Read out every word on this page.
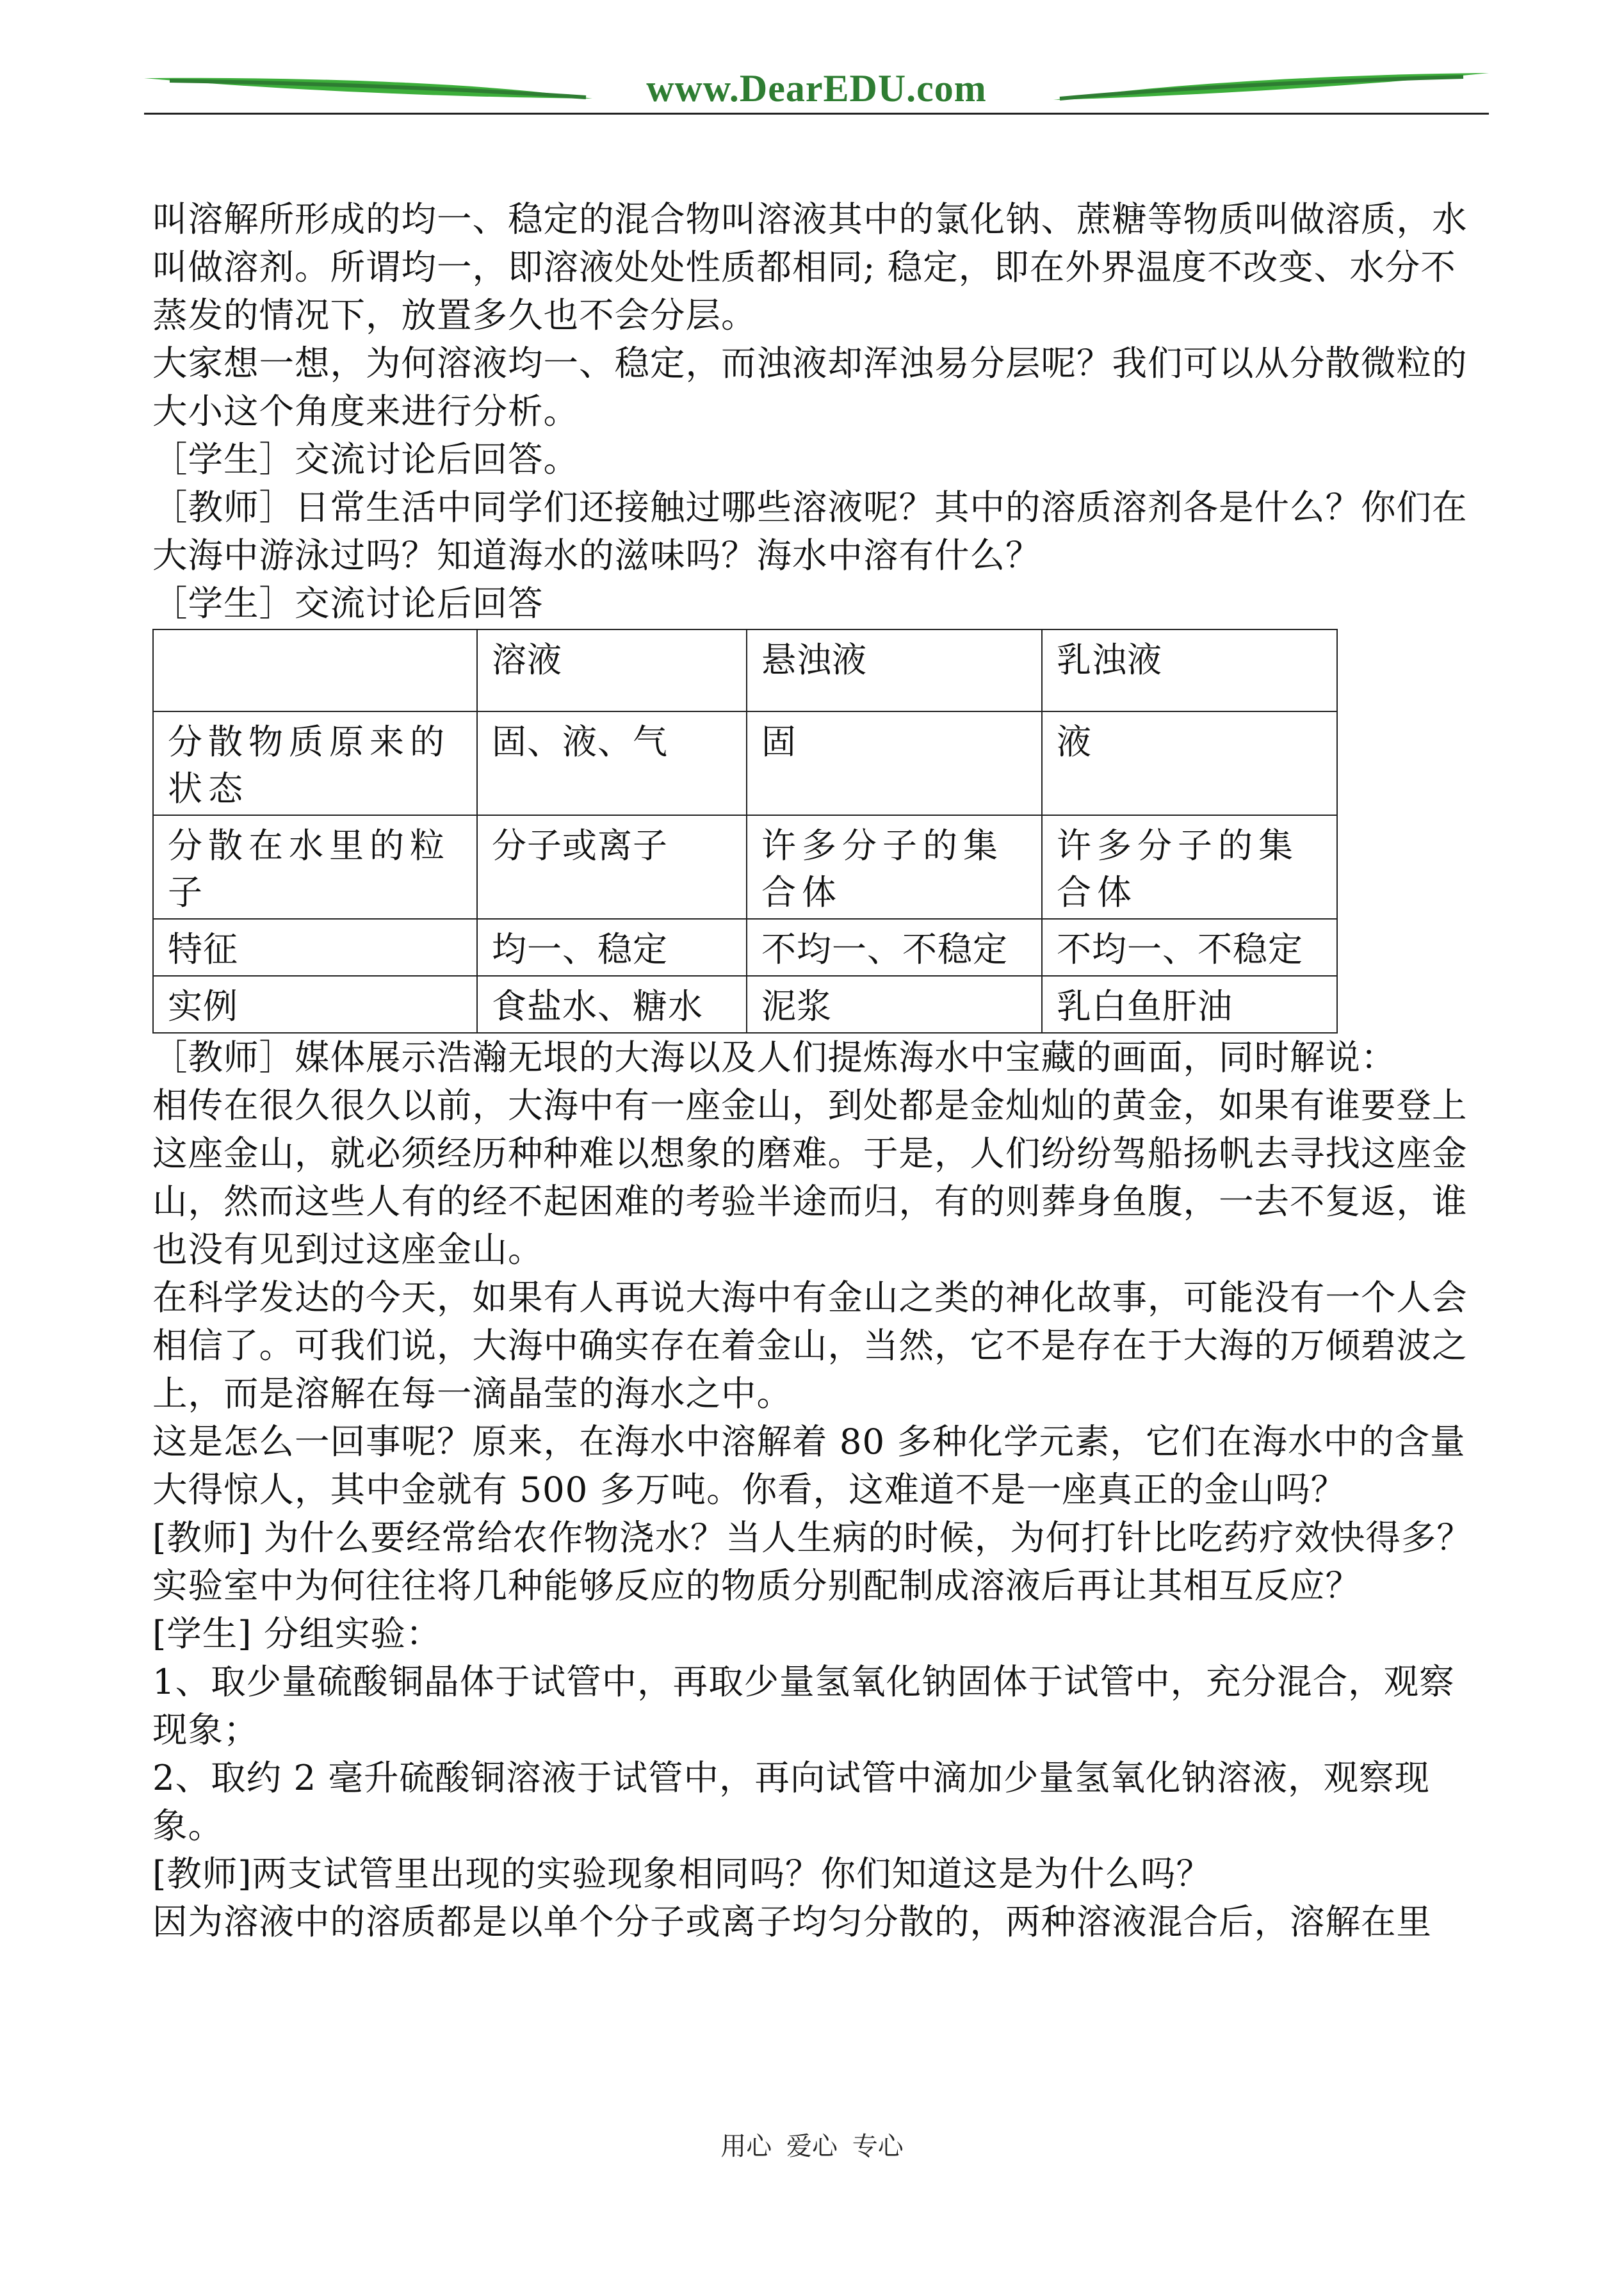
www.DearEDU.com

叫溶解所形成的均一、稳定的混合物叫溶液其中的氯化钠、蔗糖等物质叫做溶质，水叫做溶剂。所谓均一，即溶液处处性质都相同; 稳定，即在外界温度不改变、水分不蒸发的情况下，放置多久也不会分层。

大家想一想，为何溶液均一、稳定，而浊液却浑浊易分层呢？我们可以从分散微粒的大小这个角度来进行分析。

［学生］交流讨论后回答。

［教师］日常生活中同学们还接触过哪些溶液呢？其中的溶质溶剂各是什么？你们在大海中游泳过吗？知道海水的滋味吗？海水中溶有什么？

［学生］交流讨论后回答

	溶液	悬浊液	乳浊液
分散物质原来的状态	固、液、气	固	液
分散在水里的粒子	分子或离子	许多分子的集合体	许多分子的集合体
特征	均一、稳定	不均一、不稳定	不均一、不稳定
实例	食盐水、糖水	泥浆	乳白鱼肝油

［教师］媒体展示浩瀚无垠的大海以及人们提炼海水中宝藏的画面，同时解说：

相传在很久很久以前，大海中有一座金山，到处都是金灿灿的黄金，如果有谁要登上这座金山，就必须经历种种难以想象的磨难。于是，人们纷纷驾船扬帆去寻找这座金山，然而这些人有的经不起困难的考验半途而归，有的则葬身鱼腹，一去不复返，谁也没有见到过这座金山。

在科学发达的今天，如果有人再说大海中有金山之类的神化故事，可能没有一个人会相信了。可我们说，大海中确实存在着金山，当然，它不是存在于大海的万倾碧波之上，而是溶解在每一滴晶莹的海水之中。

这是怎么一回事呢？原来，在海水中溶解着 80 多种化学元素，它们在海水中的含量大得惊人，其中金就有 500 多万吨。你看，这难道不是一座真正的金山吗？

[教师] 为什么要经常给农作物浇水？当人生病的时候，为何打针比吃药疗效快得多？实验室中为何往往将几种能够反应的物质分别配制成溶液后再让其相互反应？

[学生] 分组实验：

1、取少量硫酸铜晶体于试管中，再取少量氢氧化钠固体于试管中，充分混合，观察现象；

2、取约 2 毫升硫酸铜溶液于试管中，再向试管中滴加少量氢氧化钠溶液，观察现象。

[教师]两支试管里出现的实验现象相同吗？你们知道这是为什么吗？

因为溶液中的溶质都是以单个分子或离子均匀分散的，两种溶液混合后，溶解在里

用心 爱心 专心
